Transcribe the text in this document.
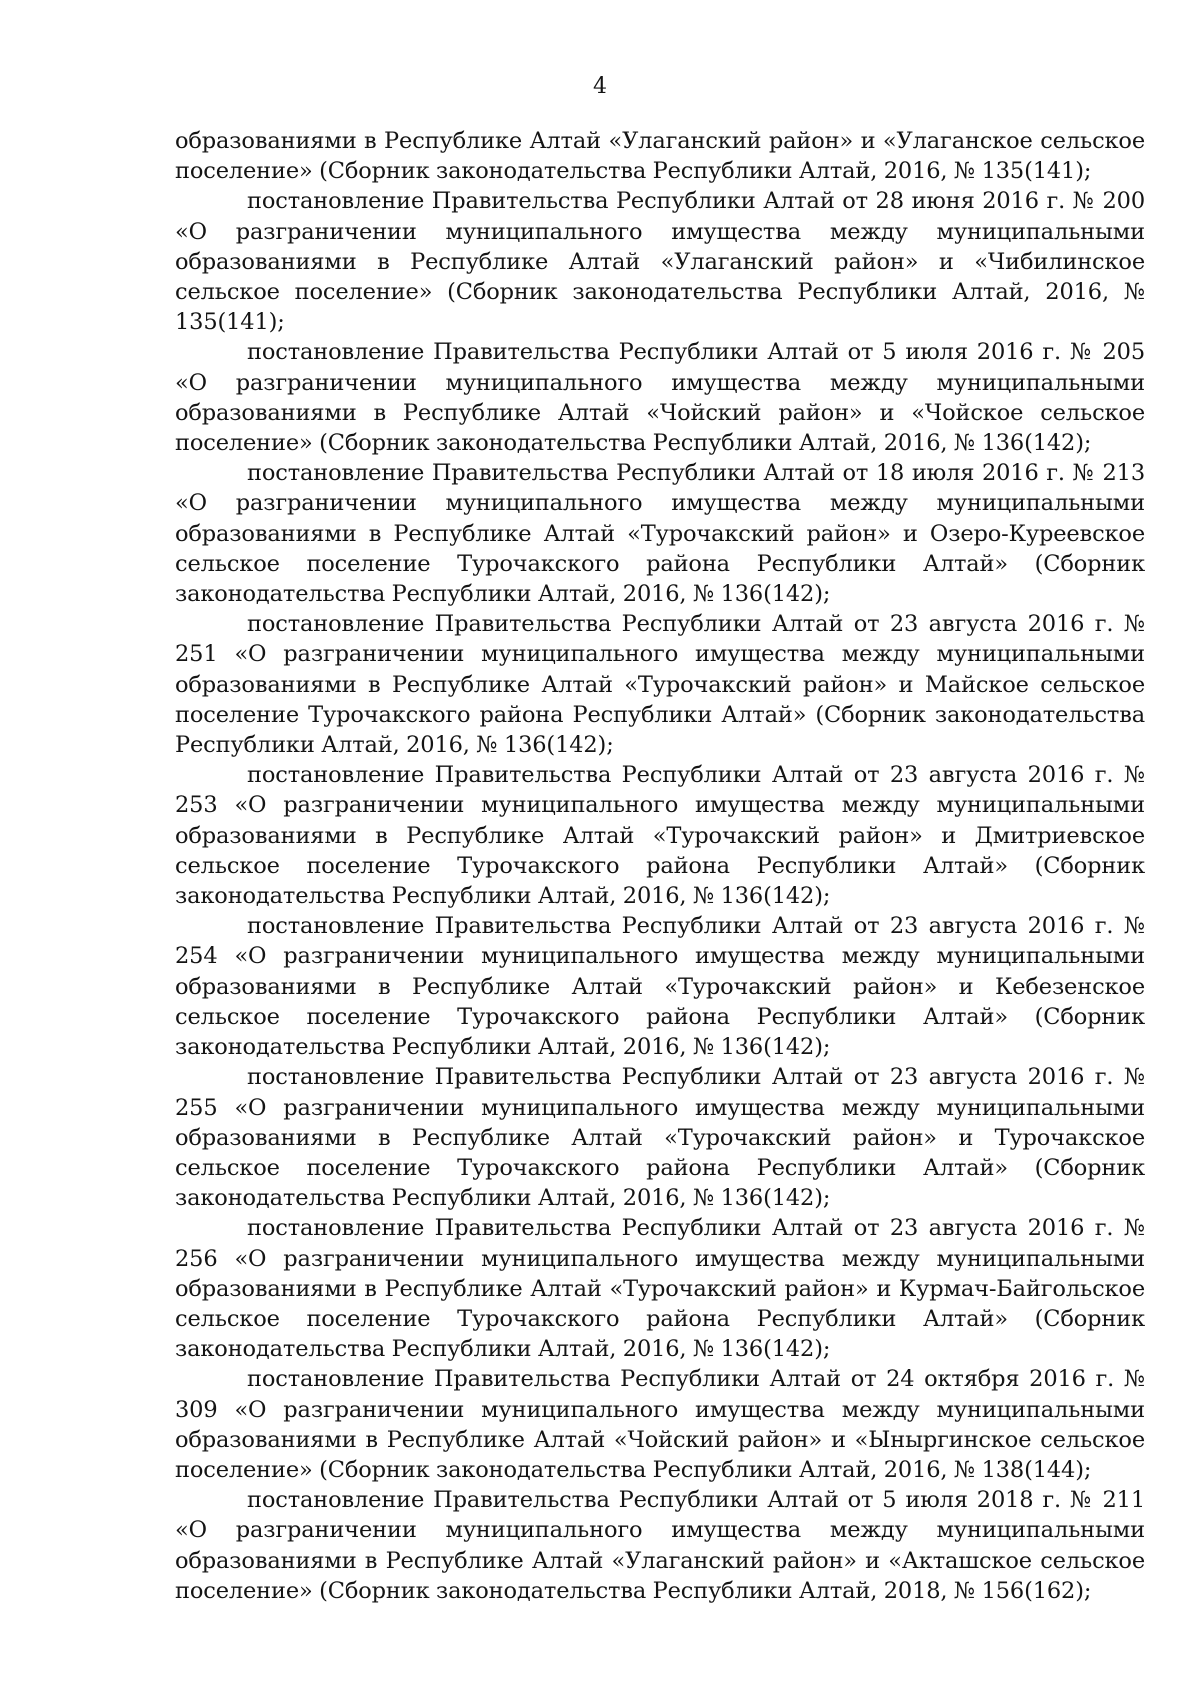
4

образованиями в Республике Алтай «Улаганский район» и «Улаганское сельское поселение» (Сборник законодательства Республики Алтай, 2016, № 135(141);

постановление Правительства Республики Алтай от 28 июня 2016 г. № 200 «О разграничении муниципального имущества между муниципальными образованиями в Республике Алтай «Улаганский район» и «Чибилинское сельское поселение» (Сборник законодательства Республики Алтай, 2016, № 135(141);

постановление Правительства Республики Алтай от 5 июля 2016 г. № 205 «О разграничении муниципального имущества между муниципальными образованиями в Республике Алтай «Чойский район» и «Чойское сельское поселение» (Сборник законодательства Республики Алтай, 2016, № 136(142);

постановление Правительства Республики Алтай от 18 июля 2016 г. № 213 «О разграничении муниципального имущества между муниципальными образованиями в Республике Алтай «Турочакский район» и Озеро-Куреевское сельское поселение Турочакского района Республики Алтай» (Сборник законодательства Республики Алтай, 2016, № 136(142);

постановление Правительства Республики Алтай от 23 августа 2016 г. № 251 «О разграничении муниципального имущества между муниципальными образованиями в Республике Алтай «Турочакский район» и Майское сельское поселение Турочакского района Республики Алтай» (Сборник законодательства Республики Алтай, 2016, № 136(142);

постановление Правительства Республики Алтай от 23 августа 2016 г. № 253 «О разграничении муниципального имущества между муниципальными образованиями в Республике Алтай «Турочакский район» и Дмитриевское сельское поселение Турочакского района Республики Алтай» (Сборник законодательства Республики Алтай, 2016, № 136(142);

постановление Правительства Республики Алтай от 23 августа 2016 г. № 254 «О разграничении муниципального имущества между муниципальными образованиями в Республике Алтай «Турочакский район» и Кебезенское сельское поселение Турочакского района Республики Алтай» (Сборник законодательства Республики Алтай, 2016, № 136(142);

постановление Правительства Республики Алтай от 23 августа 2016 г. № 255 «О разграничении муниципального имущества между муниципальными образованиями в Республике Алтай «Турочакский район» и Турочакское сельское поселение Турочакского района Республики Алтай» (Сборник законодательства Республики Алтай, 2016, № 136(142);

постановление Правительства Республики Алтай от 23 августа 2016 г. № 256 «О разграничении муниципального имущества между муниципальными образованиями в Республике Алтай «Турочакский район» и Курмач-Байгольское сельское поселение Турочакского района Республики Алтай» (Сборник законодательства Республики Алтай, 2016, № 136(142);

постановление Правительства Республики Алтай от 24 октября 2016 г. № 309 «О разграничении муниципального имущества между муниципальными образованиями в Республике Алтай «Чойский район» и «Ыныргинское сельское поселение» (Сборник законодательства Республики Алтай, 2016, № 138(144);

постановление Правительства Республики Алтай от 5 июля 2018 г. № 211 «О разграничении муниципального имущества между муниципальными образованиями в Республике Алтай «Улаганский район» и «Акташское сельское поселение» (Сборник законодательства Республики Алтай, 2018, № 156(162);
